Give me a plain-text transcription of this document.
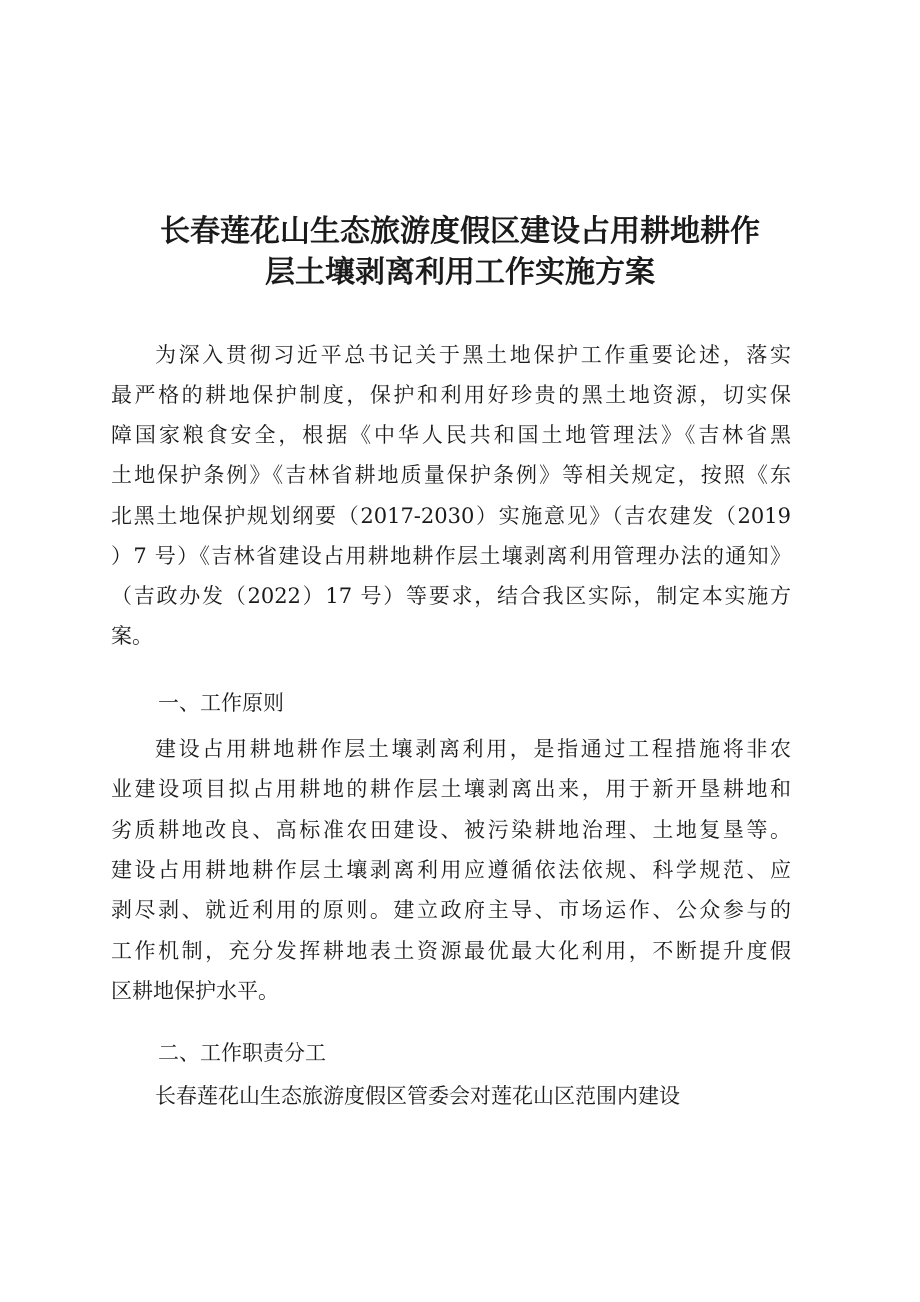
长春莲花山生态旅游度假区建设占用耕地耕作
层土壤剥离利用工作实施方案
为深入贯彻习近平总书记关于黑土地保护工作重要论述，落实
最严格的耕地保护制度，保护和利用好珍贵的黑土地资源，切实保
障国家粮食安全，根据《中华人民共和国土地管理法》《吉林省黑
土地保护条例》《吉林省耕地质量保护条例》等相关规定，按照《东
北黑土地保护规划纲要（2017-2030）实施意见》（吉农建发（2019
）7 号）《吉林省建设占用耕地耕作层土壤剥离利用管理办法的通知》
（吉政办发（2022）17 号）等要求，结合我区实际，制定本实施方
案。
一、工作原则
建设占用耕地耕作层土壤剥离利用，是指通过工程措施将非农
业建设项目拟占用耕地的耕作层土壤剥离出来，用于新开垦耕地和
劣质耕地改良、高标准农田建设、被污染耕地治理、土地复垦等。
建设占用耕地耕作层土壤剥离利用应遵循依法依规、科学规范、应
剥尽剥、就近利用的原则。建立政府主导、市场运作、公众参与的
工作机制，充分发挥耕地表土资源最优最大化利用，不断提升度假
区耕地保护水平。
二、工作职责分工
长春莲花山生态旅游度假区管委会对莲花山区范围内建设
